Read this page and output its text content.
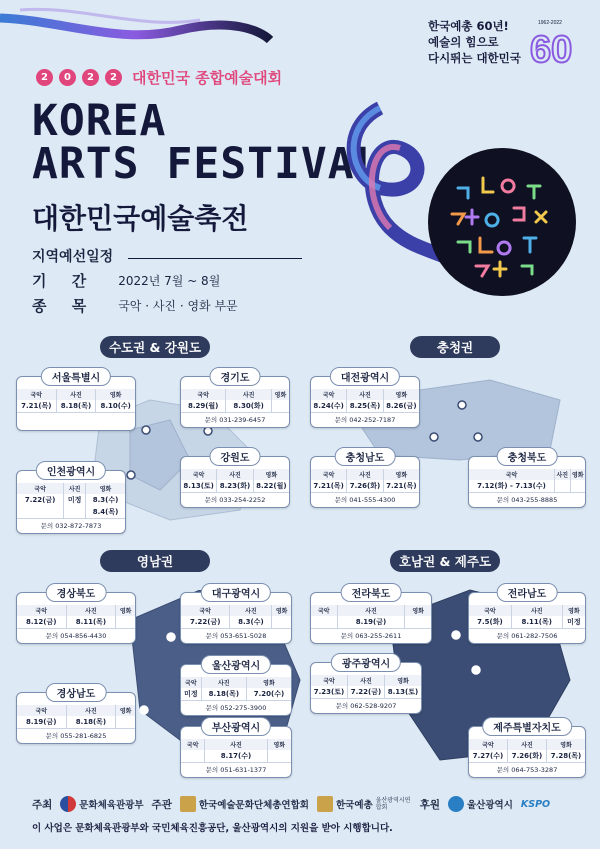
2	0	2	2	대한민국 종합예술대회
KOREA
ARTS FESTIVAL
대한민국예술축전
한국예총 60년!
예술의 힘으로
다시뛰는 대한민국
1962-2022
60
지역예선일정
기 간 2022년 7월 ~ 8월
종 목 국악 · 사진 · 영화 부문
수도권 & 강원도	충청권
영남권	호남권 & 제주도
서울특별시
국악	사진	영화
7.21(목)	8.18(목)	8.10(수)
경기도
국악	사진	영화
8.29(월)	8.30(화)	
문의 031-239-6457
강원도
국악	사진	영화
8.13(토)	8.23(화)	8.22(월)
문의 033-254-2252
인천광역시
국악	사진	영화
7.22(금)	미정	8.3(수)
		8.4(목)
문의 032-872-7873
대전광역시
국악	사진	영화
8.24(수)	8.25(목)	8.26(금)
문의 042-252-7187
충청남도
국악	사진	영화
7.21(목)	7.26(화)	7.21(목)
문의 041-555-4300
충청북도
국악	사진	영화
7.12(화) - 7.13(수)		
문의 043-255-8885
경상북도
국악	사진	영화
8.12(금)	8.11(목)	
문의 054-856-4430
대구광역시
국악	사진	영화
7.22(금)	8.3(수)	
문의 053-651-5028
울산광역시
국악	사진	영화
미정	8.18(목)	7.20(수)
문의 052-275-3900
경상남도
국악	사진	영화
8.19(금)	8.18(목)	
문의 055-281-6825
부산광역시
국악	사진	영화
	8.17(수)	
문의 051-631-1377
전라북도
국악	사진	영화
	8.19(금)	
문의 063-255-2611
전라남도
국악	사진	영화
7.5(화)	8.11(목)	미정
문의 061-282-7506
광주광역시
국악	사진	영화
7.23(토)	7.22(금)	8.13(토)
문의 062-528-9207
제주특별자치도
국악	사진	영화
7.27(수)	7.26(화)	7.28(목)
문의 064-753-3287
주최	문화체육관광부 주관	한국예술문화단체총연합회	한국예총 울산광역시연합회	후원	울산광역시 KSPO
이 사업은 문화체육관광부와 국민체육진흥공단, 울산광역시의 지원을 받아 시행합니다.
